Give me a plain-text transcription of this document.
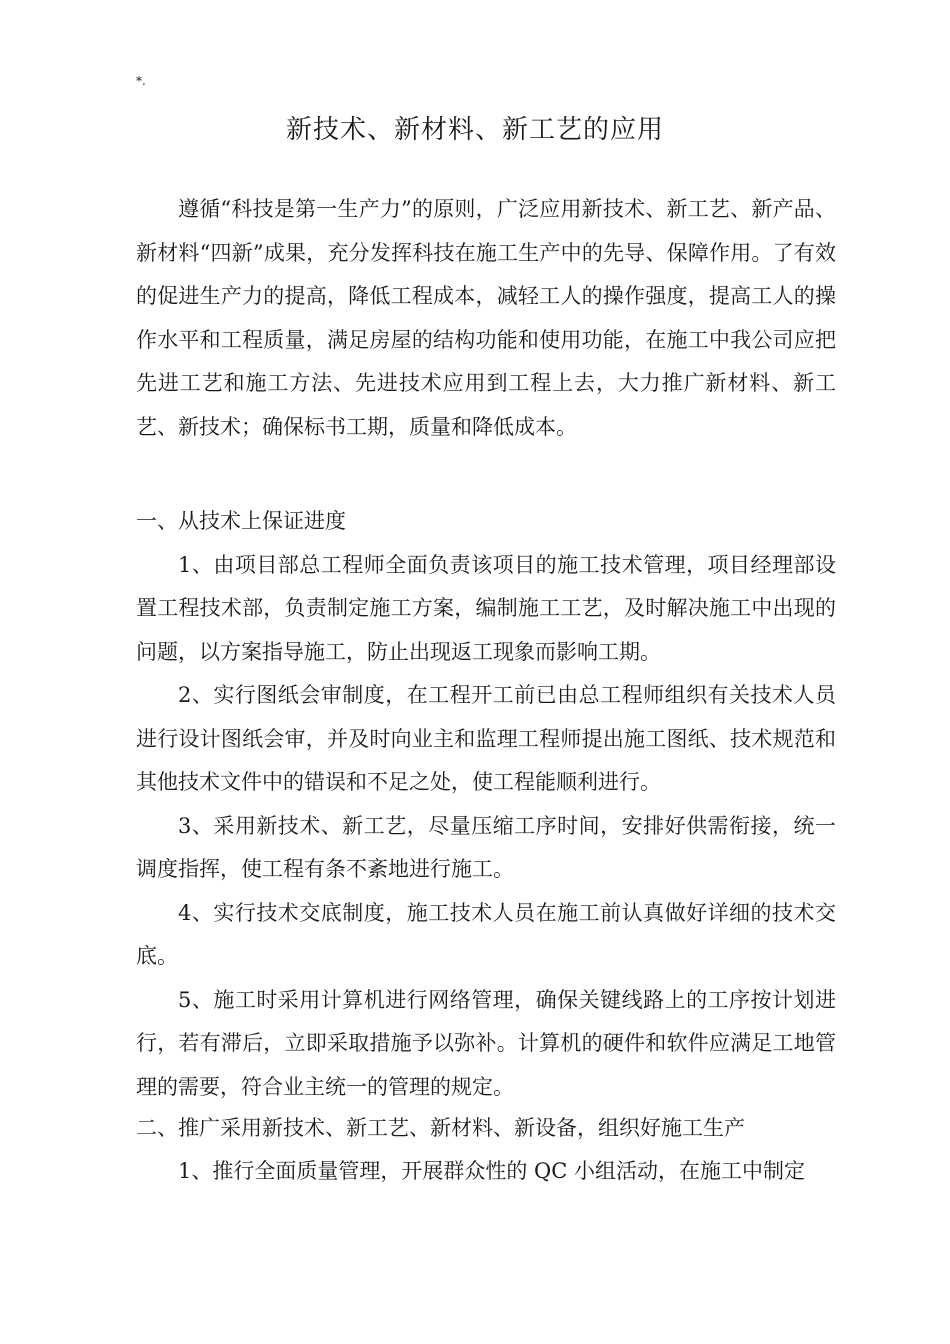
*.
新技术、新材料、新工艺的应用

遵循“科技是第一生产力”的原则，广泛应用新技术、新工艺、新产品、新材料“四新”成果，充分发挥科技在施工生产中的先导、保障作用。了有效的促进生产力的提高，降低工程成本，减轻工人的操作强度，提高工人的操作水平和工程质量，满足房屋的结构功能和使用功能，在施工中我公司应把先进工艺和施工方法、先进技术应用到工程上去，大力推广新材料、新工艺、新技术；确保标书工期，质量和降低成本。

一、从技术上保证进度

1、由项目部总工程师全面负责该项目的施工技术管理，项目经理部设置工程技术部，负责制定施工方案，编制施工工艺，及时解决施工中出现的问题，以方案指导施工，防止出现返工现象而影响工期。

2、实行图纸会审制度，在工程开工前已由总工程师组织有关技术人员进行设计图纸会审，并及时向业主和监理工程师提出施工图纸、技术规范和其他技术文件中的错误和不足之处，使工程能顺利进行。

3、采用新技术、新工艺，尽量压缩工序时间，安排好供需衔接，统一调度指挥，使工程有条不紊地进行施工。

4、实行技术交底制度，施工技术人员在施工前认真做好详细的技术交底。

5、施工时采用计算机进行网络管理，确保关键线路上的工序按计划进行，若有滞后，立即采取措施予以弥补。计算机的硬件和软件应满足工地管理的需要，符合业主统一的管理的规定。

二、推广采用新技术、新工艺、新材料、新设备，组织好施工生产

1、推行全面质量管理，开展群众性的 QC 小组活动，在施工中制定
